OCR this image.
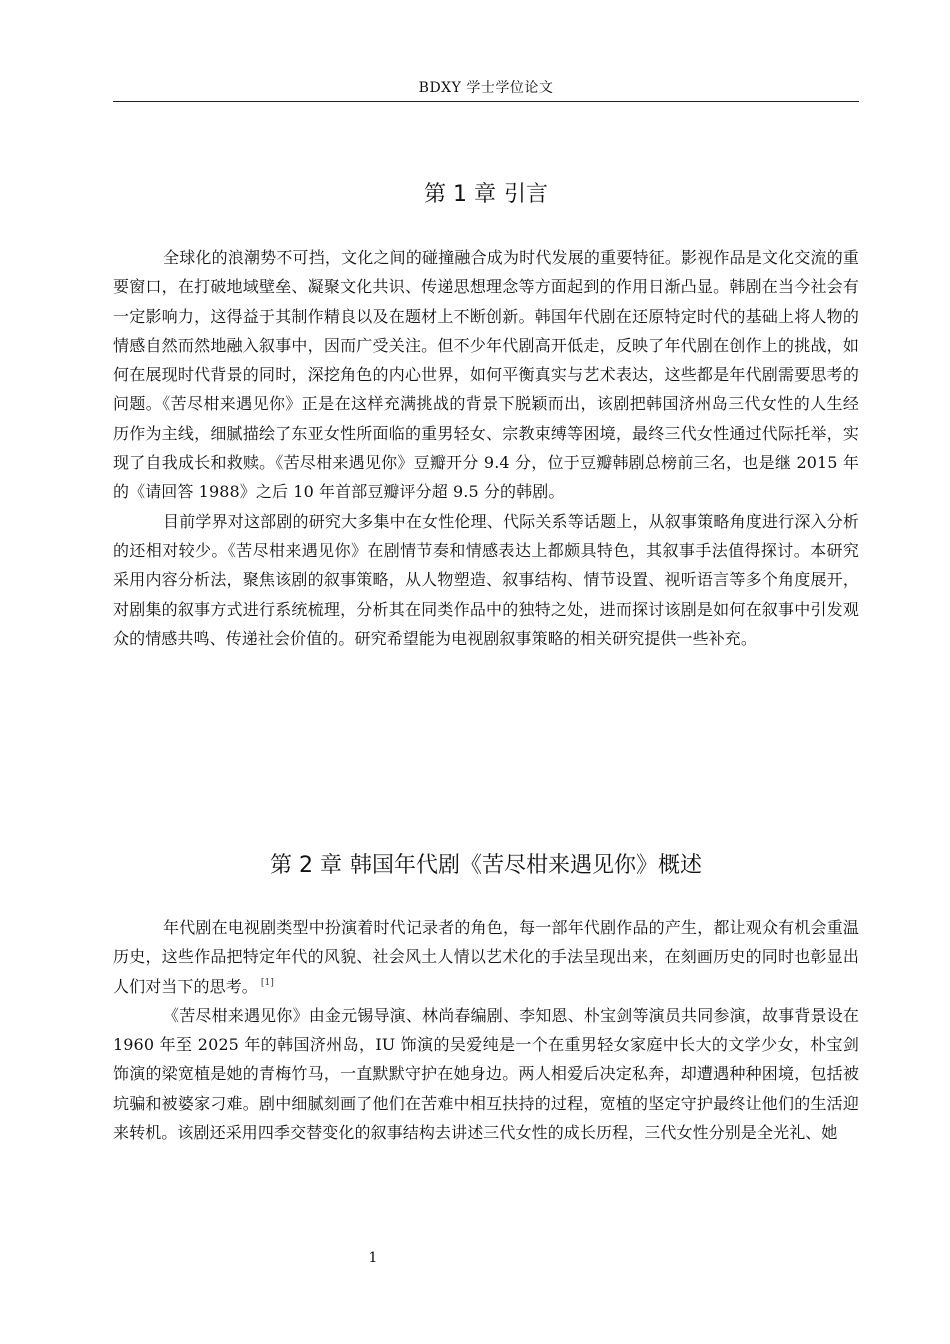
BDXY 学士学位论文
第 1 章 引言

全球化的浪潮势不可挡，文化之间的碰撞融合成为时代发展的重要特征。影视作品是文化交流的重要窗口，在打破地域壁垒、凝聚文化共识、传递思想理念等方面起到的作用日渐凸显。韩剧在当今社会有一定影响力，这得益于其制作精良以及在题材上不断创新。韩国年代剧在还原特定时代的基础上将人物的情感自然而然地融入叙事中，因而广受关注。但不少年代剧高开低走，反映了年代剧在创作上的挑战，如何在展现时代背景的同时，深挖角色的内心世界，如何平衡真实与艺术表达，这些都是年代剧需要思考的问题。《苦尽柑来遇见你》正是在这样充满挑战的背景下脱颖而出，该剧把韩国济州岛三代女性的人生经历作为主线，细腻描绘了东亚女性所面临的重男轻女、宗教束缚等困境，最终三代女性通过代际托举，实现了自我成长和救赎。《苦尽柑来遇见你》豆瓣开分 9.4 分，位于豆瓣韩剧总榜前三名，也是继 2015 年的《请回答 1988》之后 10 年首部豆瓣评分超 9.5 分的韩剧。

目前学界对这部剧的研究大多集中在女性伦理、代际关系等话题上，从叙事策略角度进行深入分析的还相对较少。《苦尽柑来遇见你》在剧情节奏和情感表达上都颇具特色，其叙事手法值得探讨。本研究采用内容分析法，聚焦该剧的叙事策略，从人物塑造、叙事结构、情节设置、视听语言等多个角度展开，对剧集的叙事方式进行系统梳理，分析其在同类作品中的独特之处，进而探讨该剧是如何在叙事中引发观众的情感共鸣、传递社会价值的。研究希望能为电视剧叙事策略的相关研究提供一些补充。

第 2 章 韩国年代剧《苦尽柑来遇见你》概述

年代剧在电视剧类型中扮演着时代记录者的角色，每一部年代剧作品的产生，都让观众有机会重温历史，这些作品把特定年代的风貌、社会风土人情以艺术化的手法呈现出来，在刻画历史的同时也彰显出人们对当下的思考。 [1]

《苦尽柑来遇见你》由金元锡导演、林尚春编剧、李知恩、朴宝剑等演员共同参演，故事背景设在 1960 年至 2025 年的韩国济州岛，IU 饰演的吴爱纯是一个在重男轻女家庭中长大的文学少女，朴宝剑饰演的梁宽植是她的青梅竹马，一直默默守护在她身边。两人相爱后决定私奔，却遭遇种种困境，包括被坑骗和被婆家刁难。剧中细腻刻画了他们在苦难中相互扶持的过程，宽植的坚定守护最终让他们的生活迎来转机。该剧还采用四季交替变化的叙事结构去讲述三代女性的成长历程，三代女性分别是全光礼、她

1
